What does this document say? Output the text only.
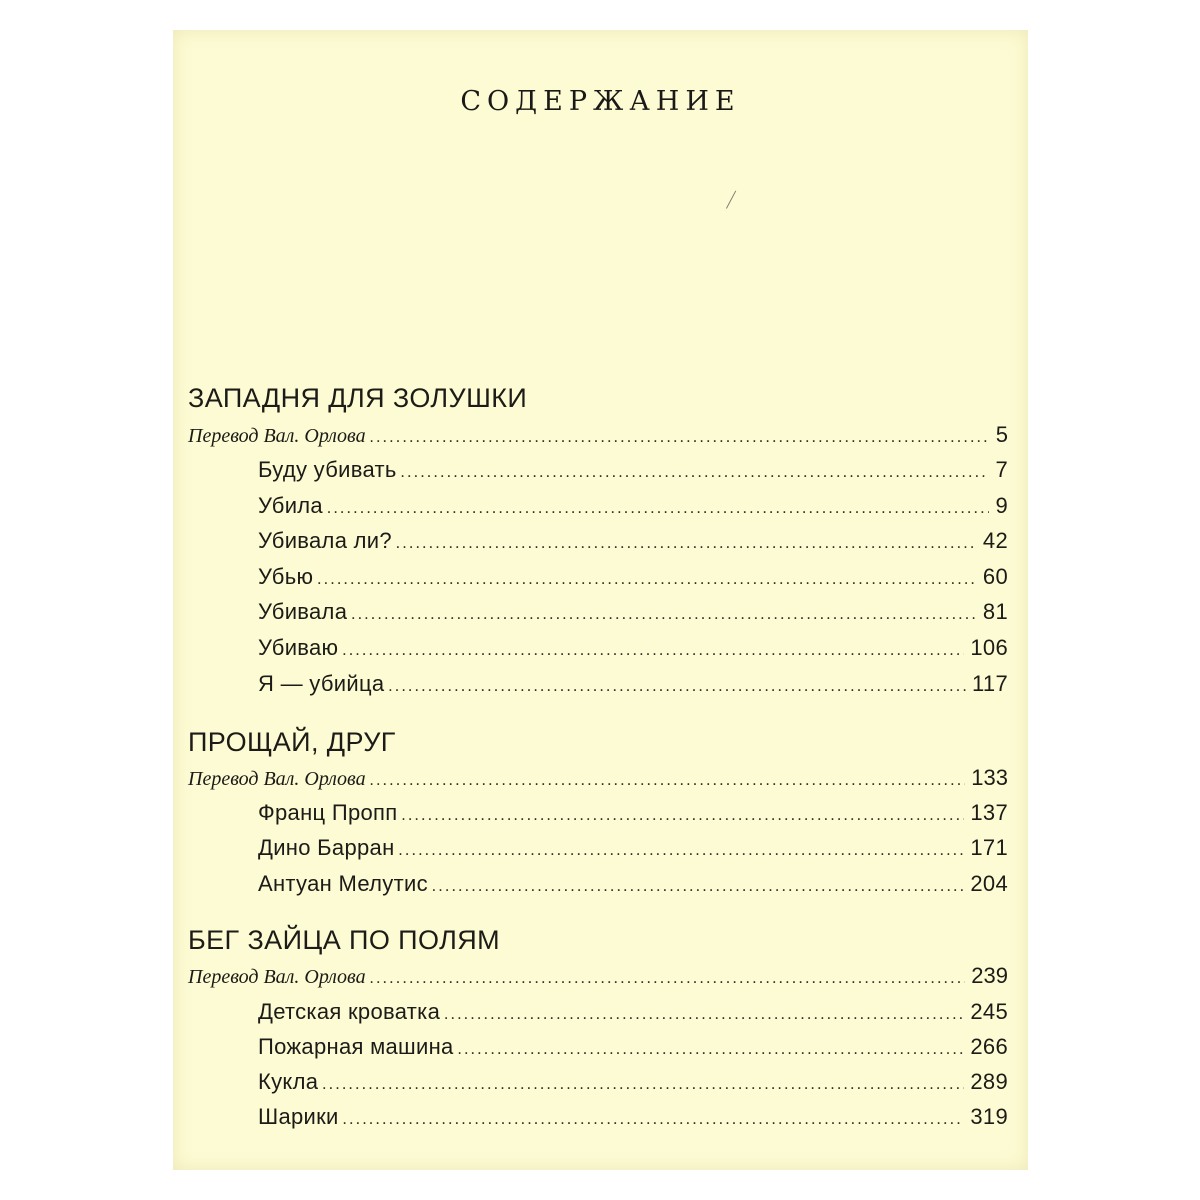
СОДЕРЖАНИЕ
ЗАПАДНЯ ДЛЯ ЗОЛУШКИ
Перевод Вал. Орлова .....	5
Буду убивать .....	7
Убила .....	9
Убивала ли? .....	42
Убью .....	60
Убивала .....	81
Убиваю .....	106
Я — убийца .....	117
ПРОЩАЙ, ДРУГ
Перевод Вал. Орлова .....	133
Франц Пропп .....	137
Дино Барран .....	171
Антуан Мелутис .....	204
БЕГ ЗАЙЦА ПО ПОЛЯМ
Перевод Вал. Орлова .....	239
Детская кроватка .....	245
Пожарная машина .....	266
Кукла .....	289
Шарики .....	319
